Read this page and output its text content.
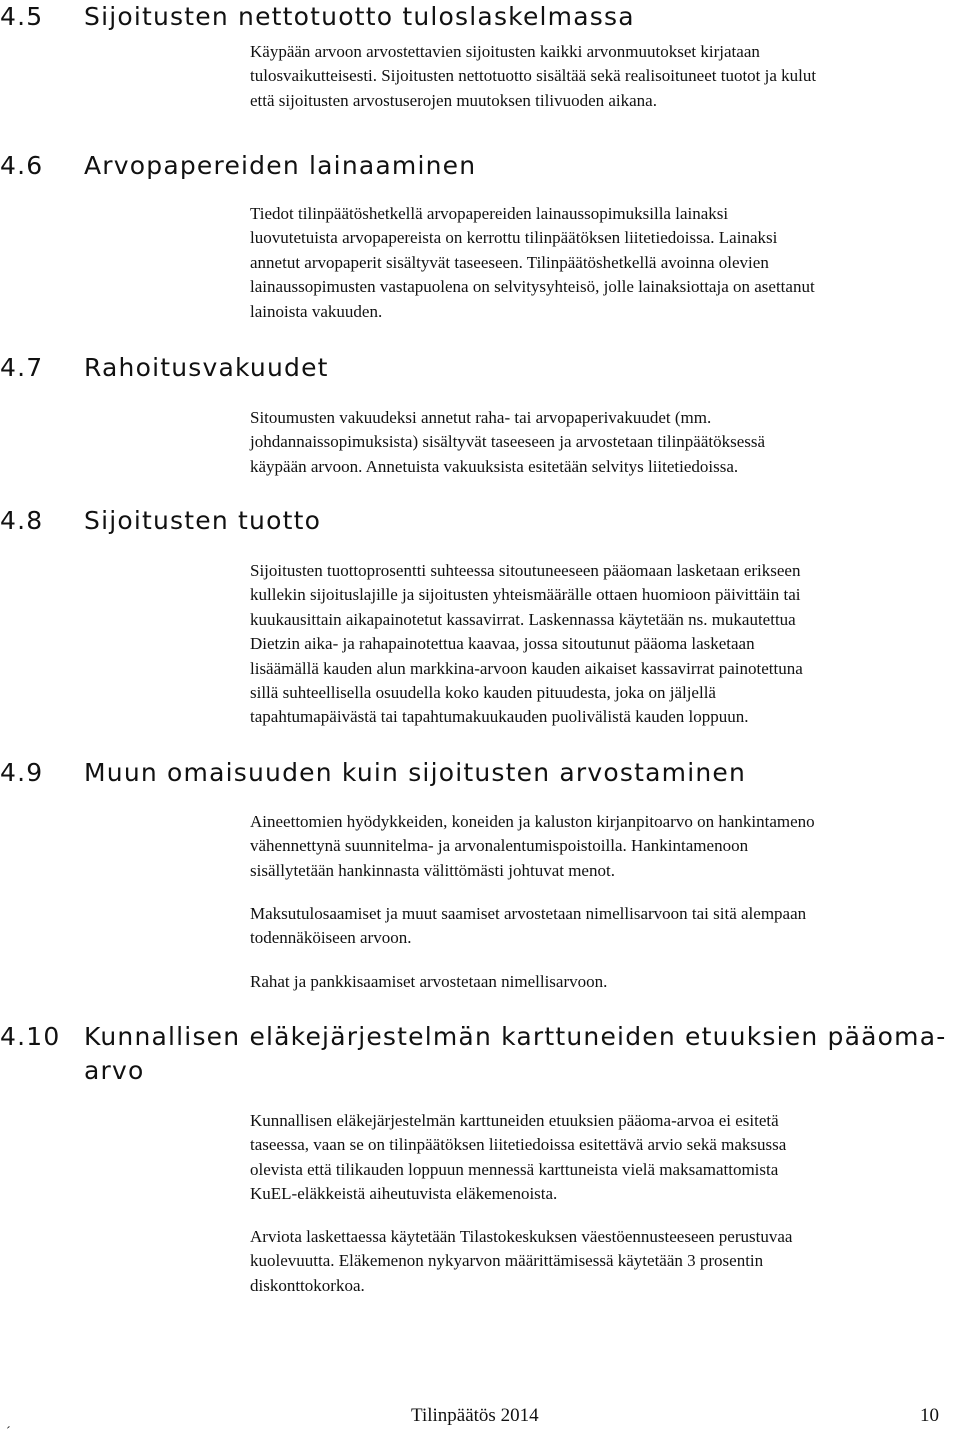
4.5 Sijoitusten nettotuotto tuloslaskelmassa
Käypään arvoon arvostettavien sijoitusten kaikki arvonmuutokset kirjataan
tulosvaikutteisesti. Sijoitusten nettotuotto sisältää sekä realisoituneet tuotot ja kulut
että sijoitusten arvostuserojen muutoksen tilivuoden aikana.
4.6 Arvopapereiden lainaaminen
Tiedot tilinpäätöshetkellä arvopapereiden lainaussopimuksilla lainaksi
luovutetuista arvopapereista on kerrottu tilinpäätöksen liitetiedoissa. Lainaksi
annetut arvopaperit sisältyvät taseeseen. Tilinpäätöshetkellä avoinna olevien
lainaussopimusten vastapuolena on selvitysyhteisö, jolle lainaksiottaja on asettanut
lainoista vakuuden.
4.7 Rahoitusvakuudet
Sitoumusten vakuudeksi annetut raha- tai arvopaperivakuudet (mm.
johdannaissopimuksista) sisältyvät taseeseen ja arvostetaan tilinpäätöksessä
käypään arvoon. Annetuista vakuuksista esitetään selvitys liitetiedoissa.
4.8 Sijoitusten tuotto
Sijoitusten tuottoprosentti suhteessa sitoutuneeseen pääomaan lasketaan erikseen
kullekin sijoituslajille ja sijoitusten yhteismäärälle ottaen huomioon päivittäin tai
kuukausittain aikapainotetut kassavirrat. Laskennassa käytetään ns. mukautettua
Dietzin aika- ja rahapainotettua kaavaa, jossa sitoutunut pääoma lasketaan
lisäämällä kauden alun markkina-arvoon kauden aikaiset kassavirrat painotettuna
sillä suhteellisella osuudella koko kauden pituudesta, joka on jäljellä
tapahtumapäivästä tai tapahtumakuukauden puolivälistä kauden loppuun.
4.9 Muun omaisuuden kuin sijoitusten arvostaminen
Aineettomien hyödykkeiden, koneiden ja kaluston kirjanpitoarvo on hankintameno
vähennettynä suunnitelma- ja arvonalentumispoistoilla. Hankintamenoon
sisällytetään hankinnasta välittömästi johtuvat menot.
Maksutulosaamiset ja muut saamiset arvostetaan nimellisarvoon tai sitä alempaan
todennäköiseen arvoon.
Rahat ja pankkisaamiset arvostetaan nimellisarvoon.
4.10 Kunnallisen eläkejärjestelmän karttuneiden etuuksien pääoma-
arvo
Kunnallisen eläkejärjestelmän karttuneiden etuuksien pääoma-arvoa ei esitetä
taseessa, vaan se on tilinpäätöksen liitetiedoissa esitettävä arvio sekä maksussa
olevista että tilikauden loppuun mennessä karttuneista vielä maksamattomista
KuEL-eläkkeistä aiheutuvista eläkemenoista.
Arviota laskettaessa käytetään Tilastokeskuksen väestöennusteeseen perustuvaa
kuolevuutta. Eläkemenon nykyarvon määrittämisessä käytetään 3 prosentin
diskonttokorkoa.
Tilinpäätös 2014	10
´
